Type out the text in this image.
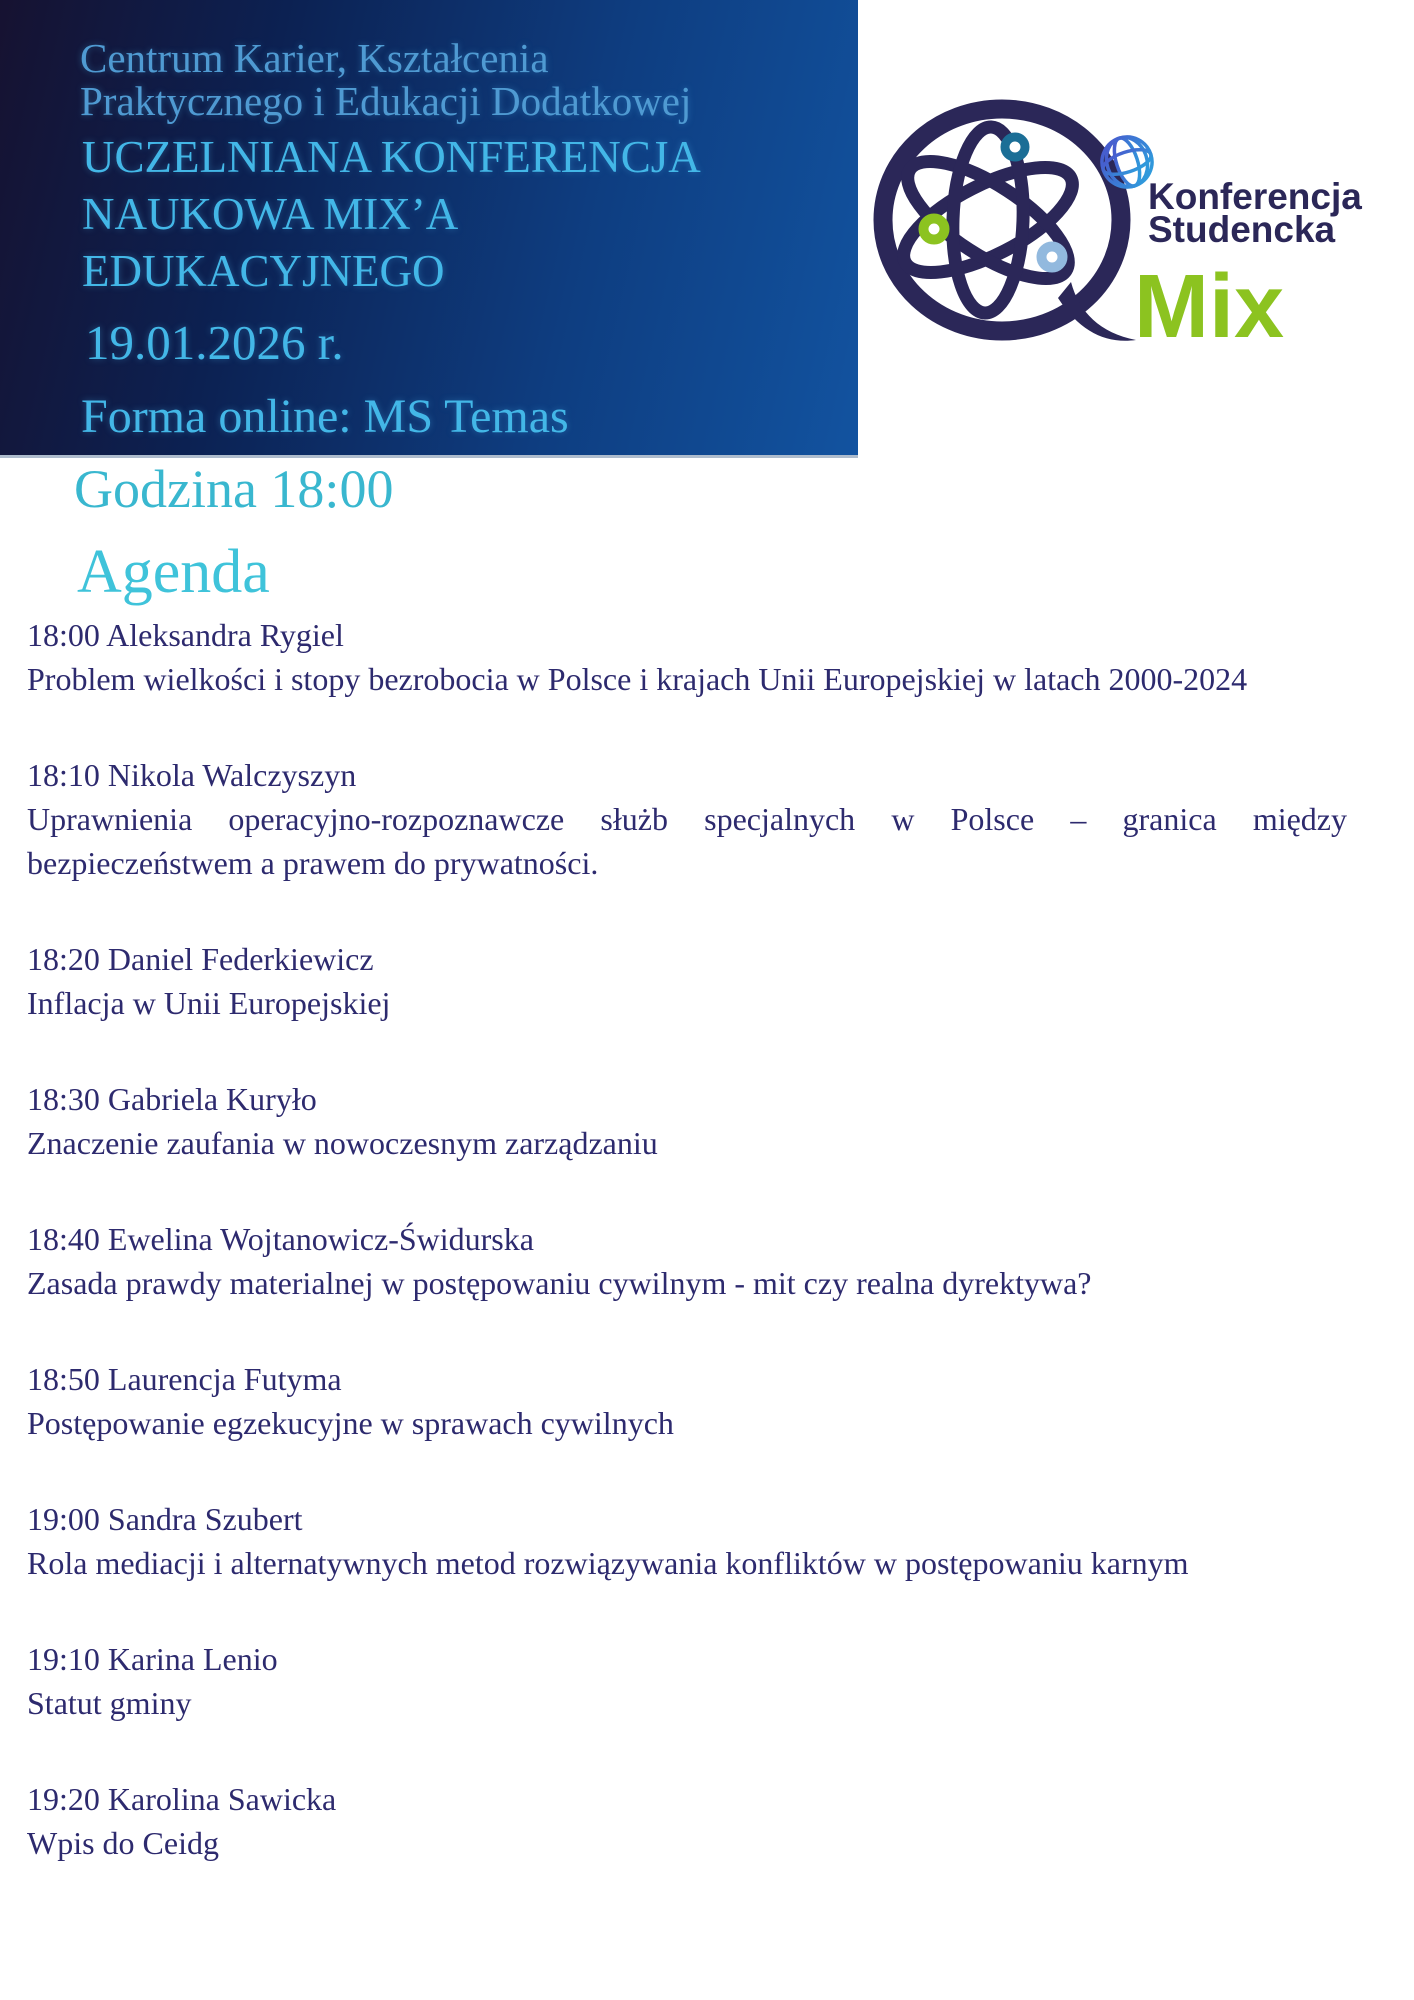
Centrum Karier, Kształcenia
Praktycznego i Edukacji Dodatkowej
UCZELNIANA KONFERENCJA
NAUKOWA MIX’A
EDUKACYJNEGO
19.01.2026 r.
Forma online: MS Temas
Godzina 18:00
Konferencja
Studencka
Mix
Agenda
18:00 Aleksandra Rygiel
Problem wielkości i stopy bezrobocia w Polsce i krajach Unii Europejskiej w latach 2000-2024
18:10 Nikola Walczyszyn
Uprawnienia operacyjno-rozpoznawcze służb specjalnych w Polsce – granica między
bezpieczeństwem a prawem do prywatności.
18:20 Daniel Federkiewicz
Inflacja w Unii Europejskiej
18:30 Gabriela Kuryło
Znaczenie zaufania w nowoczesnym zarządzaniu
18:40 Ewelina Wojtanowicz-Świdurska
Zasada prawdy materialnej w postępowaniu cywilnym - mit czy realna dyrektywa?
18:50 Laurencja Futyma
Postępowanie egzekucyjne w sprawach cywilnych
19:00 Sandra Szubert
Rola mediacji i alternatywnych metod rozwiązywania konfliktów w postępowaniu karnym
19:10 Karina Lenio
Statut gminy
19:20 Karolina Sawicka
Wpis do Ceidg
